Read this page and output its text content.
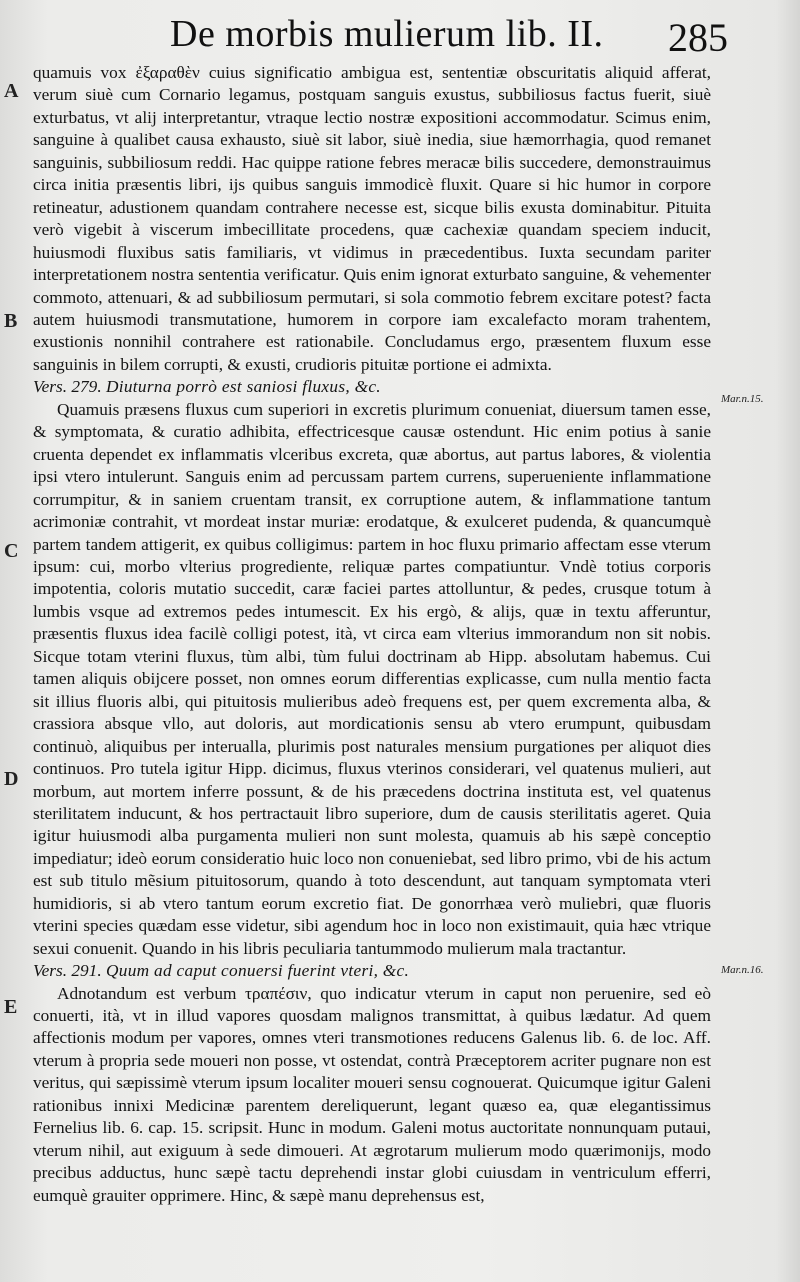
De morbis mulierum lib. II. 285
A
B
C
D
E
Mar.n.15.
Mar.n.16.

quamuis vox ἐξαραθὲν cuius significatio ambigua est, sententiæ obscuritatis aliquid afferat, verum siuè cum Cornario legamus, postquam sanguis exustus, subbiliosus factus fuerit, siuè exturbatus, vt alij interpretantur, vtraque lectio nostræ expositioni accommodatur. Scimus enim, sanguine à qualibet causa exhausto, siuè sit labor, siuè inedia, siue hæmorrhagia, quod remanet sanguinis, subbiliosum reddi. Hac quippe ratione febres meracæ bilis succedere, demonstrauimus circa initia præsentis libri, ijs quibus sanguis immodicè fluxit. Quare si hic humor in corpore retineatur, adustionem quandam contrahere necesse est, sicque bilis exusta dominabitur. Pituita verò vigebit à viscerum imbecillitate procedens, quæ cachexiæ quandam speciem inducit, huiusmodi fluxibus satis familiaris, vt vidimus in præcedentibus. Iuxta secundam pariter interpretationem nostra sententia verificatur. Quis enim ignorat exturbato sanguine, & vehementer commoto, attenuari, & ad subbiliosum permutari, si sola commotio febrem excitare potest? facta autem huiusmodi transmutatione, humorem in corpore iam excalefacto moram trahentem, exustionis nonnihil contrahere est rationabile. Concludamus ergo, præsentem fluxum esse sanguinis in bilem corrupti, & exusti, crudioris pituitæ portione ei admixta.

Vers. 279. Diuturna porrò est saniosi fluxus, &c.

Quamuis præsens fluxus cum superiori in excretis plurimum conueniat, diuersum tamen esse, & symptomata, & curatio adhibita, effectricesque causæ ostendunt. Hic enim potius à sanie cruenta dependet ex inflammatis vlceribus excreta, quæ abortus, aut partus labores, & violentia ipsi vtero intulerunt. Sanguis enim ad percussam partem currens, superueniente inflammatione corrumpitur, & in saniem cruentam transit, ex corruptione autem, & inflammatione tantum acrimoniæ contrahit, vt mordeat instar muriæ: erodatque, & exulceret pudenda, & quancumquè partem tandem attigerit, ex quibus colligimus: partem in hoc fluxu primario affectam esse vterum ipsum: cui, morbo vlterius progrediente, reliquæ partes compatiuntur. Vndè totius corporis impotentia, coloris mutatio succedit, caræ faciei partes attolluntur, & pedes, crusque totum à lumbis vsque ad extremos pedes intumescit. Ex his ergò, & alijs, quæ in textu afferuntur, præsentis fluxus idea facilè colligi potest, ità, vt circa eam vlterius immorandum non sit nobis. Sicque totam vterini fluxus, tùm albi, tùm fului doctrinam ab Hipp. absolutam habemus. Cui tamen aliquis obijcere posset, non omnes eorum differentias explicasse, cum nulla mentio facta sit illius fluoris albi, qui pituitosis mulieribus adeò frequens est, per quem excrementa alba, & crassiora absque vllo, aut doloris, aut mordicationis sensu ab vtero erumpunt, quibusdam continuò, aliquibus per interualla, plurimis post naturales mensium purgationes per aliquot dies continuos. Pro tutela igitur Hipp. dicimus, fluxus vterinos considerari, vel quatenus mulieri, aut morbum, aut mortem inferre possunt, & de his præcedens doctrina instituta est, vel quatenus sterilitatem inducunt, & hos pertractauit libro superiore, dum de causis sterilitatis ageret. Quia igitur huiusmodi alba purgamenta mulieri non sunt molesta, quamuis ab his sæpè conceptio impediatur; ideò eorum consideratio huic loco non conueniebat, sed libro primo, vbi de his actum est sub titulo mẽsium pituitosorum, quando à toto descendunt, aut tanquam symptomata vteri humidioris, si ab vtero tantum eorum excretio fiat. De gonorrhæa verò muliebri, quæ fluoris vterini species quædam esse videtur, sibi agendum hoc in loco non existimauit, quia hæc vtrique sexui conuenit. Quando in his libris peculiaria tantummodo mulierum mala tractantur.

Vers. 291. Quum ad caput conuersi fuerint vteri, &c.

Adnotandum est verbum τραπέσιν, quo indicatur vterum in caput non peruenire, sed eò conuerti, ità, vt in illud vapores quosdam malignos transmittat, à quibus lædatur. Ad quem affectionis modum per vapores, omnes vteri transmotiones reducens Galenus lib. 6. de loc. Aff. vterum à propria sede moueri non posse, vt ostendat, contrà Præceptorem acriter pugnare non est veritus, qui sæpissimè vterum ipsum localiter moueri sensu cognouerat. Quicumque igitur Galeni rationibus innixi Medicinæ parentem dereliquerunt, legant quæso ea, quæ elegantissimus Fernelius lib. 6. cap. 15. scripsit. Hunc in modum. Galeni motus auctoritate nonnunquam putaui, vterum nihil, aut exiguum à sede dimoueri. At ægrotarum mulierum modo quærimonijs, modo precibus adductus, hunc sæpè tactu deprehendi instar globi cuiusdam in ventriculum efferri, eumquè grauiter opprimere. Hinc, & sæpè manu deprehensus est,
